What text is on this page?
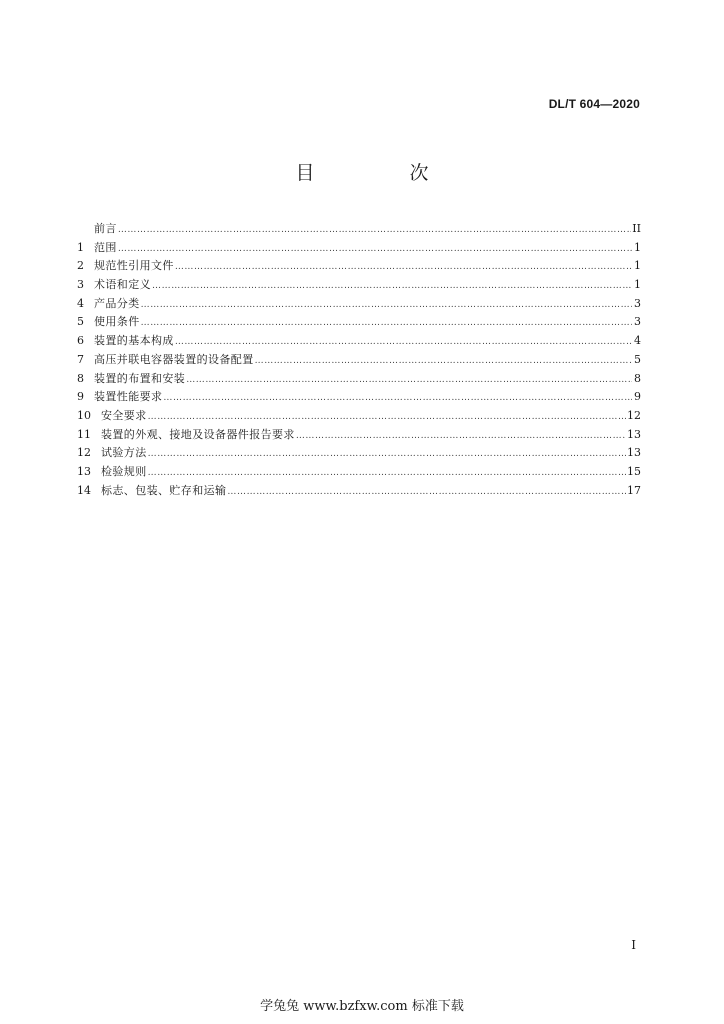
DL/T 604—2020
目　次
前言 ……………………………………………………………………………………………………………………………………………………………………………………………………………………………………………………………………………………	II
1 范围 ……………………………………………………………………………………………………………………………………………………………………………………………………………………………………………………………………………………	1
2 规范性引用文件 ……………………………………………………………………………………………………………………………………………………………………………………………………………………………………………………………………………………	1
3 术语和定义 ……………………………………………………………………………………………………………………………………………………………………………………………………………………………………………………………………………………	1
4 产品分类 ……………………………………………………………………………………………………………………………………………………………………………………………………………………………………………………………………………………	3
5 使用条件 ……………………………………………………………………………………………………………………………………………………………………………………………………………………………………………………………………………………	3
6 装置的基本构成 ……………………………………………………………………………………………………………………………………………………………………………………………………………………………………………………………………………………	4
7 高压并联电容器装置的设备配置 ……………………………………………………………………………………………………………………………………………………………………………………………………………………………………………………………………………………	5
8 装置的布置和安装 ……………………………………………………………………………………………………………………………………………………………………………………………………………………………………………………………………………………	8
9 装置性能要求 ……………………………………………………………………………………………………………………………………………………………………………………………………………………………………………………………………………………	9
10 安全要求 ……………………………………………………………………………………………………………………………………………………………………………………………………………………………………………………………………………………	12
11 装置的外观、接地及设备器件报告要求 ……………………………………………………………………………………………………………………………………………………………………………………………………………………………………………………………………………………	13
12 试验方法 ……………………………………………………………………………………………………………………………………………………………………………………………………………………………………………………………………………………	13
13 检验规则 ……………………………………………………………………………………………………………………………………………………………………………………………………………………………………………………………………………………	15
14 标志、包装、贮存和运输 ……………………………………………………………………………………………………………………………………………………………………………………………………………………………………………………………………………………	17
I
学兔兔 www.bzfxw.com 标准下载
